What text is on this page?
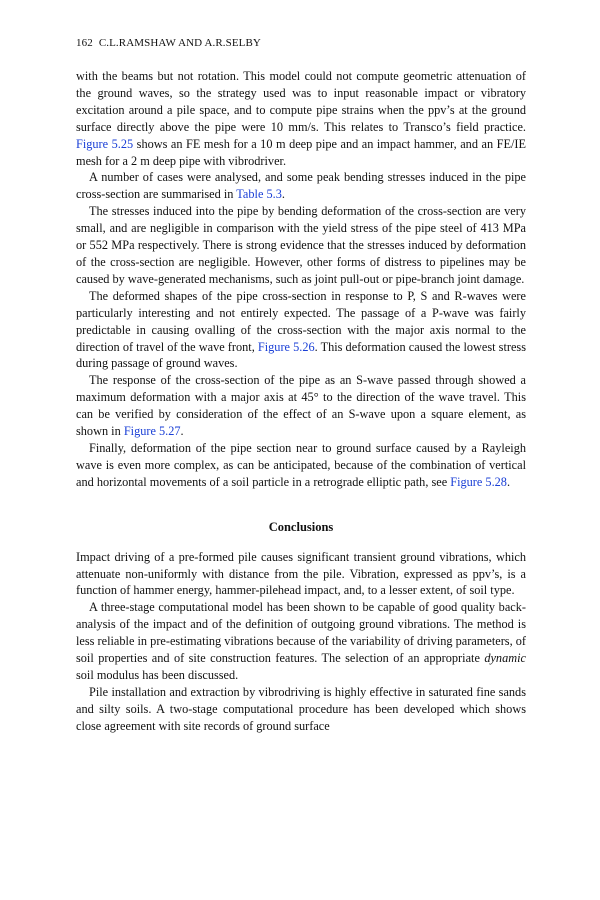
162 C.L.RAMSHAW AND A.R.SELBY

with the beams but not rotation. This model could not compute geometric attenuation of the ground waves, so the strategy used was to input reasonable impact or vibratory excitation around a pile space, and to compute pipe strains when the ppv’s at the ground surface directly above the pipe were 10 mm/s. This relates to Transco’s field practice. Figure 5.25 shows an FE mesh for a 10 m deep pipe and an impact hammer, and an FE/IE mesh for a 2 m deep pipe with vibrodriver.

A number of cases were analysed, and some peak bending stresses induced in the pipe cross-section are summarised in Table 5.3.

The stresses induced into the pipe by bending deformation of the cross-section are very small, and are negligible in comparison with the yield stress of the pipe steel of 413 MPa or 552 MPa respectively. There is strong evidence that the stresses induced by deformation of the cross-section are negligible. However, other forms of distress to pipelines may be caused by wave-generated mechanisms, such as joint pull-out or pipe-branch joint damage.

The deformed shapes of the pipe cross-section in response to P, S and R-waves were particularly interesting and not entirely expected. The passage of a P-wave was fairly predictable in causing ovalling of the cross-section with the major axis normal to the direction of travel of the wave front, Figure 5.26. This deformation caused the lowest stress during passage of ground waves.

The response of the cross-section of the pipe as an S-wave passed through showed a maximum deformation with a major axis at 45° to the direction of the wave travel. This can be verified by consideration of the effect of an S-wave upon a square element, as shown in Figure 5.27.

Finally, deformation of the pipe section near to ground surface caused by a Rayleigh wave is even more complex, as can be anticipated, because of the combination of vertical and horizontal movements of a soil particle in a retrograde elliptic path, see Figure 5.28.

Conclusions

Impact driving of a pre-formed pile causes significant transient ground vibrations, which attenuate non-uniformly with distance from the pile. Vibration, expressed as ppv’s, is a function of hammer energy, hammer-pilehead impact, and, to a lesser extent, of soil type.

A three-stage computational model has been shown to be capable of good quality back-analysis of the impact and of the definition of outgoing ground vibrations. The method is less reliable in pre-estimating vibrations because of the variability of driving parameters, of soil properties and of site construction features. The selection of an appropriate dynamic soil modulus has been discussed.

Pile installation and extraction by vibrodriving is highly effective in saturated fine sands and silty soils. A two-stage computational procedure has been developed which shows close agreement with site records of ground surface
